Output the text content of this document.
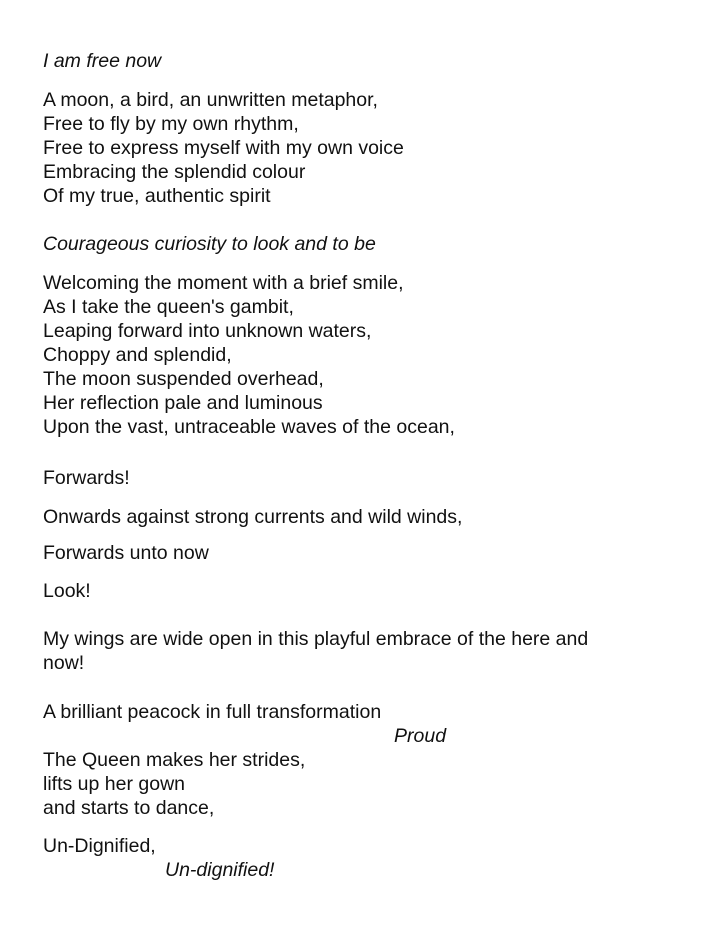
I am free now
A moon, a bird, an unwritten metaphor,
Free to fly by my own rhythm,
Free to express myself with my own voice
Embracing the splendid colour
Of my true, authentic spirit
Courageous curiosity to look and to be
Welcoming the moment with a brief smile,
As I take the queen's gambit,
Leaping forward into unknown waters,
Choppy and splendid,
The moon suspended overhead,
Her reflection pale and luminous
Upon the vast, untraceable waves of the ocean,
Forwards!
Onwards against strong currents and wild winds,
Forwards unto now
Look!
My wings are wide open in this playful embrace of the here and
now!
A brilliant peacock in full transformation
Proud
The Queen makes her strides,
lifts up her gown
and starts to dance,
Un-Dignified,
Un-dignified!
